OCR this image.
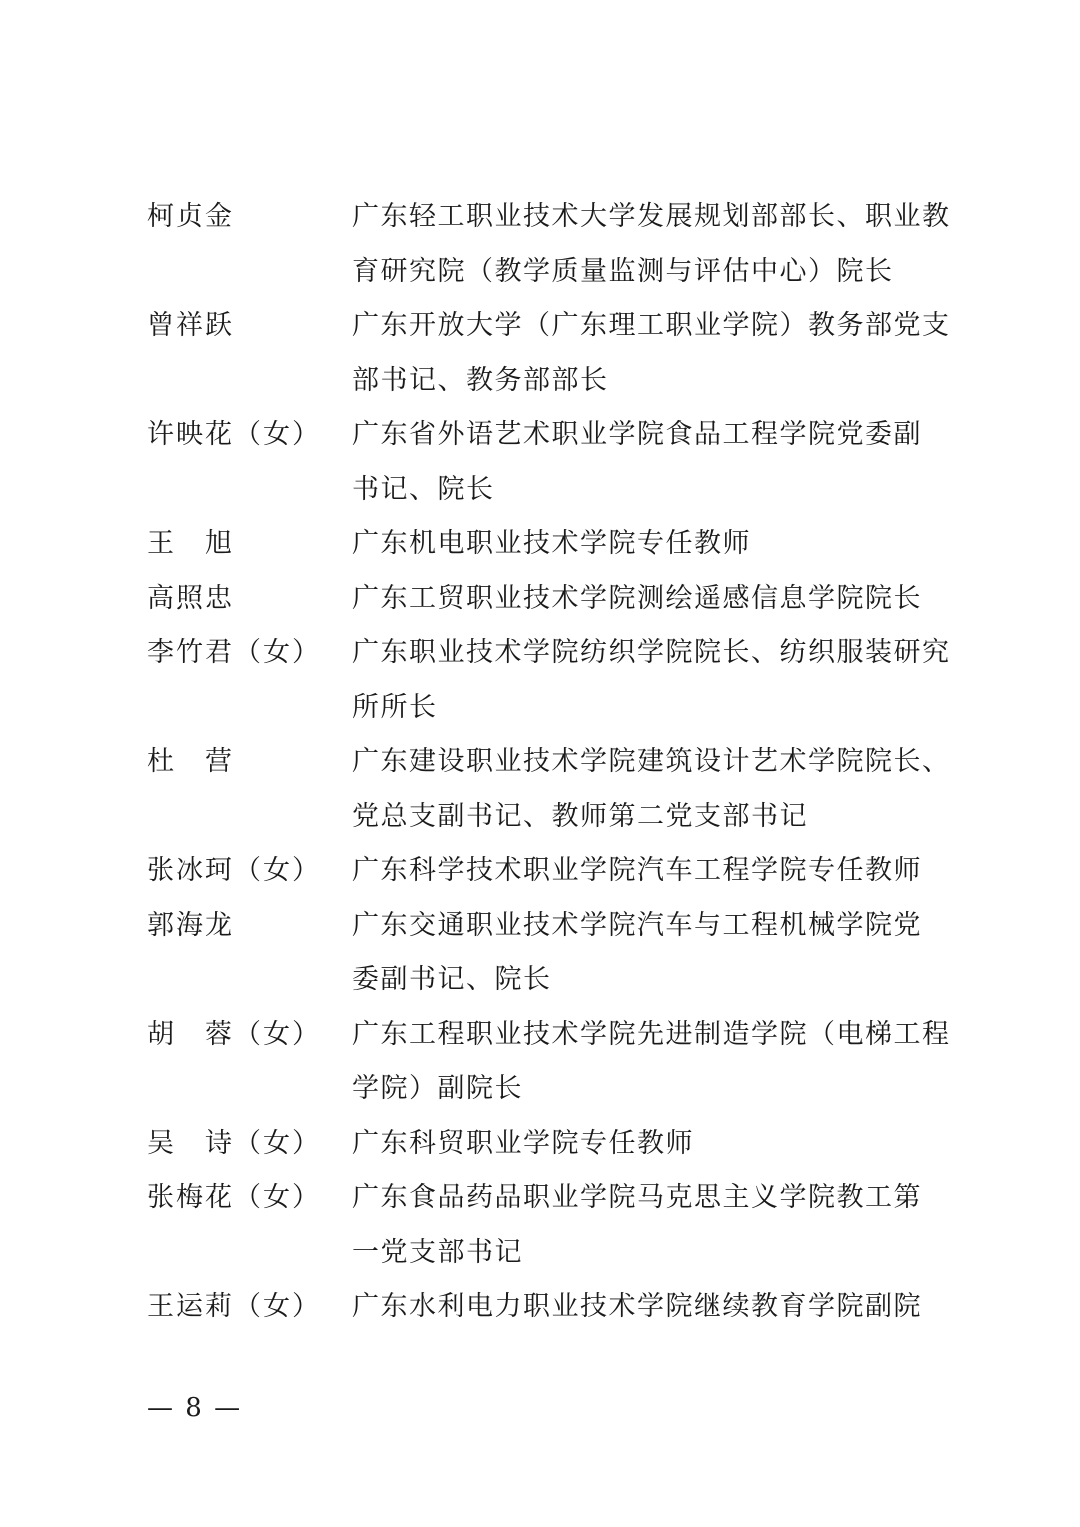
柯贞金	广东轻工职业技术大学发展规划部部长、职业教
育研究院（教学质量监测与评估中心）院长
曾祥跃	广东开放大学（广东理工职业学院）教务部党支
部书记、教务部部长
许映花（女）	广东省外语艺术职业学院食品工程学院党委副
书记、院长
王　旭	广东机电职业技术学院专任教师
高照忠	广东工贸职业技术学院测绘遥感信息学院院长
李竹君（女）	广东职业技术学院纺织学院院长、纺织服装研究
所所长
杜　营	广东建设职业技术学院建筑设计艺术学院院长、
党总支副书记、教师第二党支部书记
张冰珂（女）	广东科学技术职业学院汽车工程学院专任教师
郭海龙	广东交通职业技术学院汽车与工程机械学院党
委副书记、院长
胡　蓉（女）	广东工程职业技术学院先进制造学院（电梯工程
学院）副院长
吴　诗（女）	广东科贸职业学院专任教师
张梅花（女）	广东食品药品职业学院马克思主义学院教工第
一党支部书记
王运莉（女）	广东水利电力职业技术学院继续教育学院副院
— 8 —
